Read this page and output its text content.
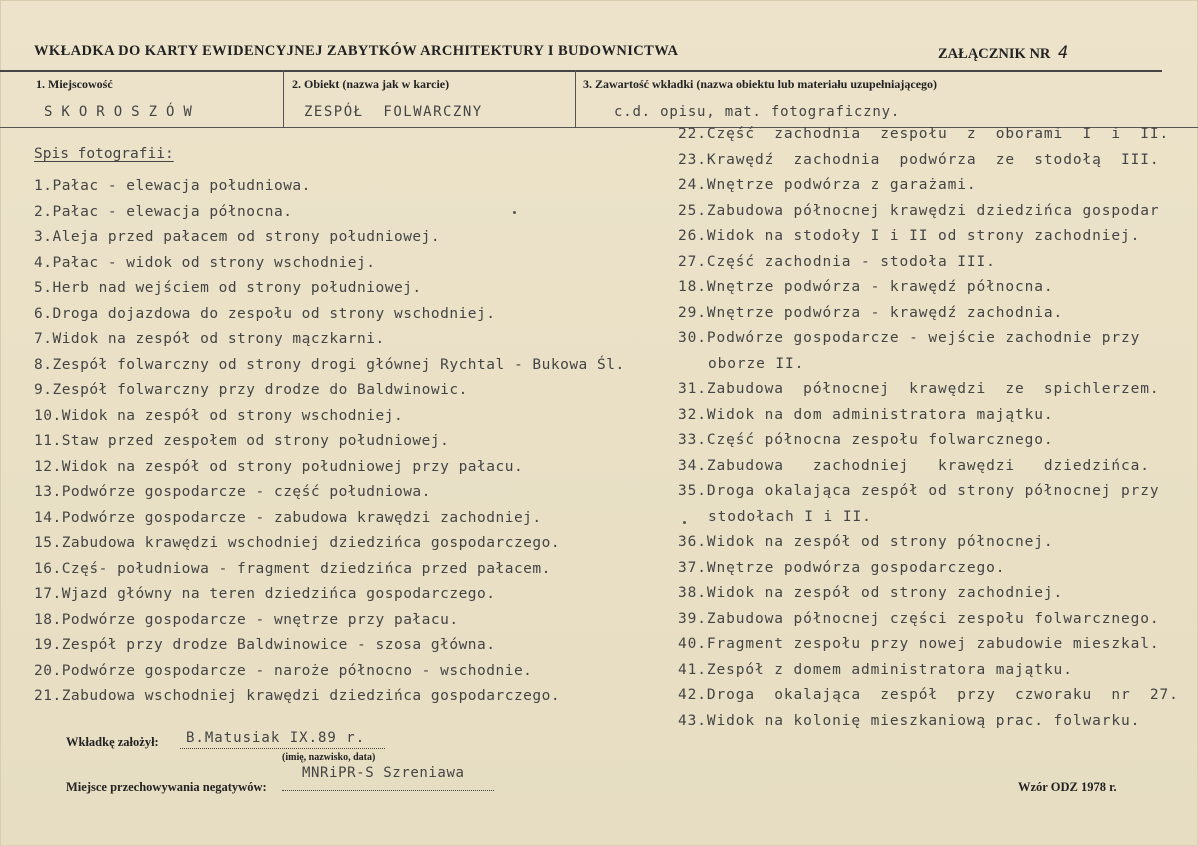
WKŁADKA DO KARTY EWIDENCYJNEJ ZABYTKÓW ARCHITEKTURY I BUDOWNICTWA	ZAŁĄCZNIK NR 4
1. Miejscowość
SKOROSZÓW
2. Obiekt (nazwa jak w karcie)
ZESPÓŁ  FOLWARCZNY
3. Zawartość wkładki (nazwa obiektu lub materiału uzupełniającego)
c.d. opisu, mat. fotograficzny.
Spis fotografii:
1.Pałac - elewacja południowa.
2.Pałac - elewacja północna.
3.Aleja przed pałacem od strony południowej.
4.Pałac - widok od strony wschodniej.
5.Herb nad wejściem od strony południowej.
6.Droga dojazdowa do zespołu od strony wschodniej.
7.Widok na zespół od strony mączkarni.
8.Zespół folwarczny od strony drogi głównej Rychtal - Bukowa Śl.
9.Zespół folwarczny przy drodze do Baldwinowic.
10.Widok na zespół od strony wschodniej.
11.Staw przed zespołem od strony południowej.
12.Widok na zespół od strony południowej przy pałacu.
13.Podwórze gospodarcze - część południowa.
14.Podwórze gospodarcze - zabudowa krawędzi zachodniej.
15.Zabudowa krawędzi wschodniej dziedzińca gospodarczego.
16.Częś- południowa - fragment dziedzińca przed pałacem.
17.Wjazd główny na teren dziedzińca gospodarczego.
18.Podwórze gospodarcze - wnętrze przy pałacu.
19.Zespół przy drodze Baldwinowice - szosa główna.
20.Podwórze gospodarcze - naroże północno - wschodnie.
21.Zabudowa wschodniej krawędzi dziedzińca gospodarczego.
22.Część  zachodnia  zespołu  z  oborami  I  i  II.
23.Krawędź  zachodnia  podwórza  ze  stodołą  III.
24.Wnętrze podwórza z garażami.
25.Zabudowa północnej krawędzi dziedzińca gospodar
26.Widok na stodoły I i II od strony zachodniej.
27.Część zachodnia - stodoła III.
18.Wnętrze podwórza - krawędź północna.
29.Wnętrze podwórza - krawędź zachodnia.
30.Podwórze gospodarcze - wejście zachodnie przy
oborze II.
31.Zabudowa  północnej  krawędzi  ze  spichlerzem.
32.Widok na dom administratora majątku.
33.Część północna zespołu folwarcznego.
34.Zabudowa   zachodniej   krawędzi   dziedzińca.
35.Droga okalająca zespół od strony północnej przy
stodołach I i II.
36.Widok na zespół od strony północnej.
37.Wnętrze podwórza gospodarczego.
38.Widok na zespół od strony zachodniej.
39.Zabudowa północnej części zespołu folwarcznego.
40.Fragment zespołu przy nowej zabudowie mieszkal.
41.Zespół z domem administratora majątku.
42.Droga  okalająca  zespół  przy  czworaku  nr  27.
43.Widok na kolonię mieszkaniową prac. folwarku.
Wkładkę założył: B.Matusiak IX.89 r.
(imię, nazwisko, data)
Miejsce przechowywania negatywów:
MNRiPR-S Szreniawa
Wzór ODZ 1978 r.
